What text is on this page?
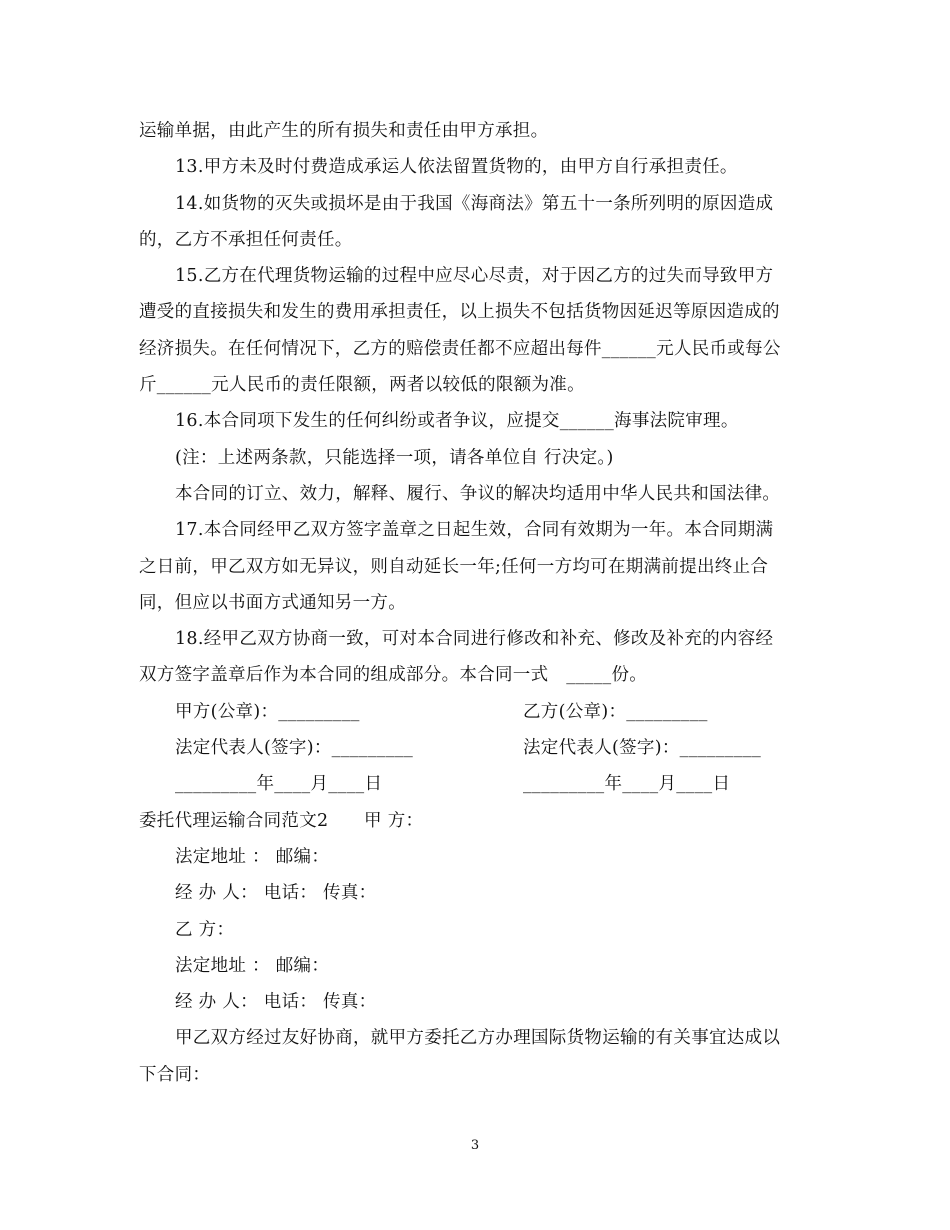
运输单据，由此产生的所有损失和责任由甲方承担。
13.甲方未及时付费造成承运人依法留置货物的，由甲方自行承担责任。
14.如货物的灭失或损坏是由于我国《海商法》第五十一条所列明的原因造成
的，乙方不承担任何责任。
15.乙方在代理货物运输的过程中应尽心尽责，对于因乙方的过失而导致甲方
遭受的直接损失和发生的费用承担责任，以上损失不包括货物因延迟等原因造成的
经济损失。在任何情况下，乙方的赔偿责任都不应超出每件______元人民币或每公
斤______元人民币的责任限额，两者以较低的限额为准。
16.本合同项下发生的任何纠纷或者争议，应提交______海事法院审理。
(注：上述两条款，只能选择一项，请各单位自 行决定。)
本合同的订立、效力，解释、履行、争议的解决均适用中华人民共和国法律。
17.本合同经甲乙双方签字盖章之日起生效，合同有效期为一年。本合同期满
之日前，甲乙双方如无异议，则自动延长一年;任何一方均可在期满前提出终止合
同，但应以书面方式通知另一方。
18.经甲乙双方协商一致，可对本合同进行修改和补充、修改及补充的内容经
双方签字盖章后作为本合同的组成部分。本合同一式　_____份。
甲方(公章)：_________	乙方(公章)：_________
法定代表人(签字)：_________	法定代表人(签字)：_________
_________年____月____日	_________年____月____日
委托代理运输合同范文2　　甲 方：
法定地址 ： 邮编：
经 办 人： 电话： 传真：
乙 方：
法定地址 ： 邮编：
经 办 人： 电话： 传真：
甲乙双方经过友好协商，就甲方委托乙方办理国际货物运输的有关事宜达成以
下合同：
3
